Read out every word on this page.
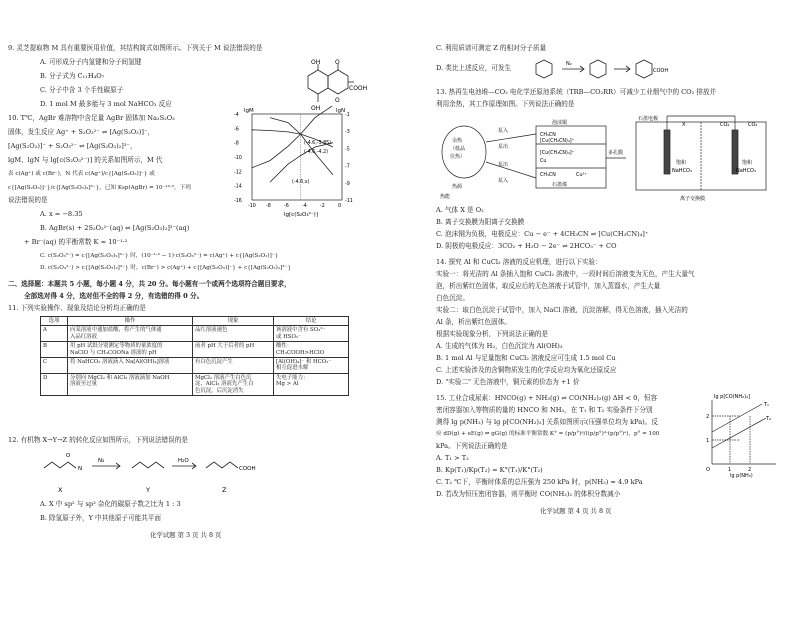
9. 灵芝提取物 M 具有重要医用价值，其结构简式如图所示。下列关于 M 说法错误的是
A. 可形成分子内氢键和分子间氢键
B. 分子式为 C₁₁H₄O₇
C. 分子中含 3 个手性碳原子
D. 1 mol M 最多能与 3 mol NaHCO₃ 反应
OH O
OH
O
COOH
10. T℃，AgBr 难溶物中含足量 AgBr 固体加 Na₂S₂O₃
固体，发生反应 Ag⁺ + S₂O₃²⁻ ⇌ [Ag(S₂O₃)]⁻，
[Ag(S₂O₃)]⁻ + S₂O₃²⁻ ⇌ [Ag(S₂O₃)₂]³⁻，
lgM、lgN 与 lg[c(S₂O₃²⁻)] 的关系如图所示，M 代
表 c(Ag⁺) 或 c(Br⁻)，N 代表 c(Ag⁺)/c{[Ag(S₂O₃)]⁻} 或
c{[Ag(S₂O₃)]⁻}/c{[Ag(S₂O₃)₂]³⁻}，已知 Ksp(AgBr) = 10⁻¹²·²，下列
说法错误的是
A. x = −8.35
B. AgBr(s) + 2S₂O₃²⁻(aq) ⇌ [Ag(S₂O₃)₂]³⁻(aq)
+ Br⁻(aq) 的平衡常数 K = 10⁻¹·²
C. c(S₂O₃²⁻) = c{[Ag(S₂O₃)₂]³⁻} 时，(10⁻¹·² − 1)·c(S₂O₃²⁻) = c(Ag⁺) + c{[Ag(S₂O₃)]⁻}
D. c(S₂O₃²⁻) > c{[Ag(S₂O₃)₂]³⁻} 时，c(Br⁻) > c(Ag⁺) + c{[Ag(S₂O₃)]⁻} + c{[Ag(S₂O₃)₂]³⁻}
-10 -8	-6	-4	-2	0
-4
-6
-8
-10
-12
-14
-16
-1
-3
-5
-7
-9
-11
lgM	lgN
lg[c(S₂O₃²⁻)]
(-4.6,-3.85)
(-4.6,-4.2)
(-4.6,x)
二、选择题：本题共 5 小题，每小题 4 分，共 20 分。每小题有一个或两个选项符合题目要求，
全部选对得 4 分，选对但不全的得 2 分，有选错的得 0 分。
11. 下列实验操作、现象及结论分析均正确的是
选项	操作	现象	结论
A	向某溶液中通加盐酸，将产生的气体通
入品红溶液	品红溶液褪色	该溶液中含有 SO₃²⁻
或 HSO₃⁻
B	用 pH 试纸分别测定等物质的量浓度的
NaClO 与 CH₃COONa 溶液的 pH	前者 pH 大于后者的 pH	酸性：
CH₃COOH>HClO
C	将 NaHCO₃ 溶液滴入 Na[Al(OH)₄]溶液	有白色沉淀产生	[Al(OH)₄]⁻ 和 HCO₃⁻
相互促进水解
D	分别向 MgCl₂ 和 AlCl₃ 溶液滴加 NaOH
溶液至过量	MgCl₂ 溶液产生白色沉
淀，AlCl₃ 溶液先产生白
色沉淀，后沉淀消失	失电子能力：
Mg > Al
12. 有机物 X→Y→Z 的转化反应如图所示，下列说法错误的是
X
N₂
Y
H₂O
Z
COOH
O
N
A. X 中 sp² 与 sp³ 杂化的碳原子数之比为 1 : 3
B. 除氢原子外，Y 中其他原子可能共平面
化学试题 第 3 页 共 8 页
C. 利用质谱可测定 Z 的相对分子质量
D. 类比上述反应，可发生	N₂
COOH
13. 热再生电池堆—CO₂ 电化学还原池系统（TRB—CO₂RR）可减少工业烟气中的 CO₂ 排放并
利用余热，其工作原理如图。下列说法正确的是
余热
（低品
位热）
热源
泡沫铜
CH₃CN
[Cu(CH₃CN)₄]⁺
[Cu(CH₃CN)₄]⁺
Cu
CH₃CN	Cu²⁺
石墨烯
多孔膜
热能
泵入
泵出
泵出
泵入
石墨电极
X	CO₂	CO₂
饱和
NaHCO₃
饱和
NaHCO₃
离子交换膜
A. 气体 X 是 O₂
B. 离子交换膜为阳离子交换膜
C. 泡沫铜为负极，电极反应：Cu − e⁻ + 4CH₃CN ⇌ [Cu(CH₃CN)₄]⁺
D. 阴极的电极反应：3CO₂ + H₂O − 2e⁻ ⇌ 2HCO₃⁻ + CO
14. 探究 Al 和 CuCl₂ 溶液的反应机理，进行以下实验：
实验一：将光洁的 Al 条插入饱和 CuCl₂ 溶液中，一段时间后溶液变为无色，产生大量气
泡，析出紫红色固体，取反应后的无色溶液于试管中，加入蒸馏水，产生大量
白色沉淀。
实验二：取白色沉淀于试管中，加入 NaCl 溶液，沉淀溶解，得无色溶液，插入光洁的
Al 条，析出紫红色固体。
根据实验现象分析，下列说法正确的是
A. 生成的气体为 H₂，白色沉淀为 Al(OH)₃
B. 1 mol Al 与足量饱和 CuCl₂ 溶液反应可生成 1.5 mol Cu
C. 上述实验涉及的含铜物质发生的化学反应均为氧化还原反应
D. "实验二" 无色溶液中，铜元素的价态为 +1 价
15. 工业合成尿素：HNCO(g) + NH₃(g) ⇌ CO(NH₂)₂(g) ΔH < 0，恒容
密闭容器加入等物质的量的 HNCO 和 NH₃，在 T₁ 和 T₂ 实验条件下分别
测得 lg p(NH₃) 与 lg p[CO(NH₂)₂] 关系如图所示(压强单位均为 kPa)。反
应 dD(g) + eE(g) ⇌ gG(g) 的标准平衡常数 K° = (p/p°)ᵍ/((p/p°)ᵈ·(p/p°)ᵉ)，p° = 100
kPa。下列说法正确的是
A. T₁ > T₂
B. Kp(T₁)/Kp(T₂) = K°(T₁)/K°(T₂)
C. T₂ ℃下，平衡时体系的总压强为 250 kPa 时，p(NH₃) ≈ 4.9 kPa
D. 若改为恒压密闭容器，则平衡时 CO(NH₂)₂ 的体积分数减小
lg p[CO(NH₂)₂]
T₁
T₂
2
1
1	2
O
lg p(NH₃)
化学试题 第 4 页 共 8 页
